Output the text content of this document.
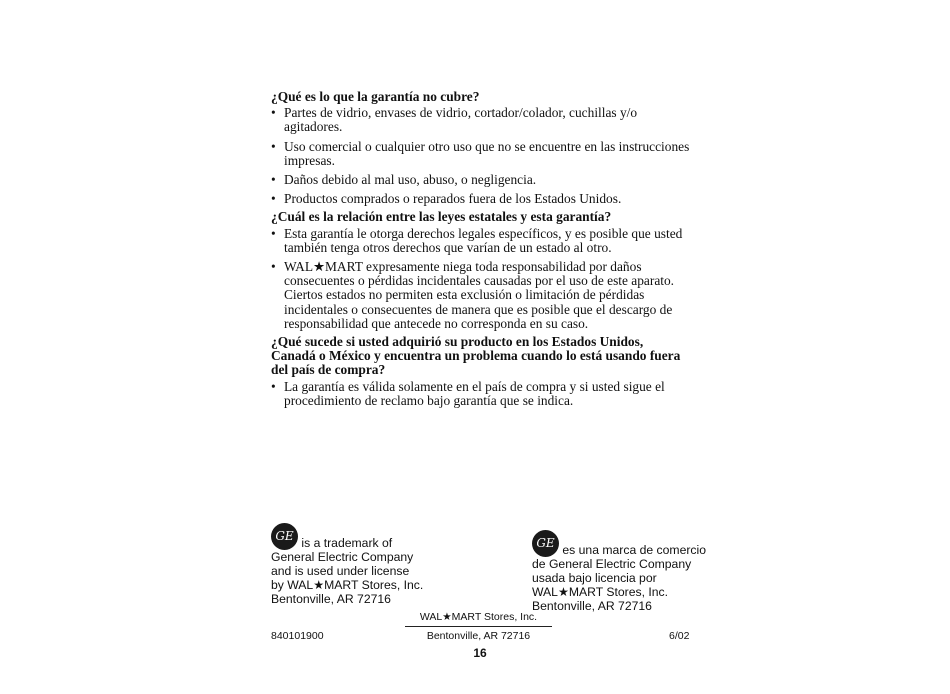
¿Qué es lo que la garantía no cubre?
• Partes de vidrio, envases de vidrio, cortador/colador, cuchillas y/o agitadores.
• Uso comercial o cualquier otro uso que no se encuentre en las instrucciones impresas.
• Daños debido al mal uso, abuso, o negligencia.
• Productos comprados o reparados fuera de los Estados Unidos.
¿Cuál es la relación entre las leyes estatales y esta garantía?
• Esta garantía le otorga derechos legales específicos, y es posible que usted también tenga otros derechos que varían de un estado al otro.
• WAL★MART expresamente niega toda responsabilidad por daños consecuentes o pérdidas incidentales causadas por el uso de este aparato. Ciertos estados no permiten esta exclusión o limitación de pérdidas incidentales o consecuentes de manera que es posible que el descargo de responsabilidad que antecede no corresponda en su caso.
¿Qué sucede si usted adquirió su producto en los Estados Unidos, Canadá o México y encuentra un problema cuando lo está usando fuera del país de compra?
• La garantía es válida solamente en el país de compra y si usted sigue el procedimiento de reclamo bajo garantía que se indica.
GE is a trademark of
General Electric Company
and is used under license
by WAL★MART Stores, Inc.
Bentonville, AR 72716
GE es una marca de comercio
de General Electric Company
usada bajo licencia por
WAL★MART Stores, Inc.
Bentonville, AR 72716
WAL★MART Stores, Inc.
Bentonville, AR 72716
840101900	6/02
16
